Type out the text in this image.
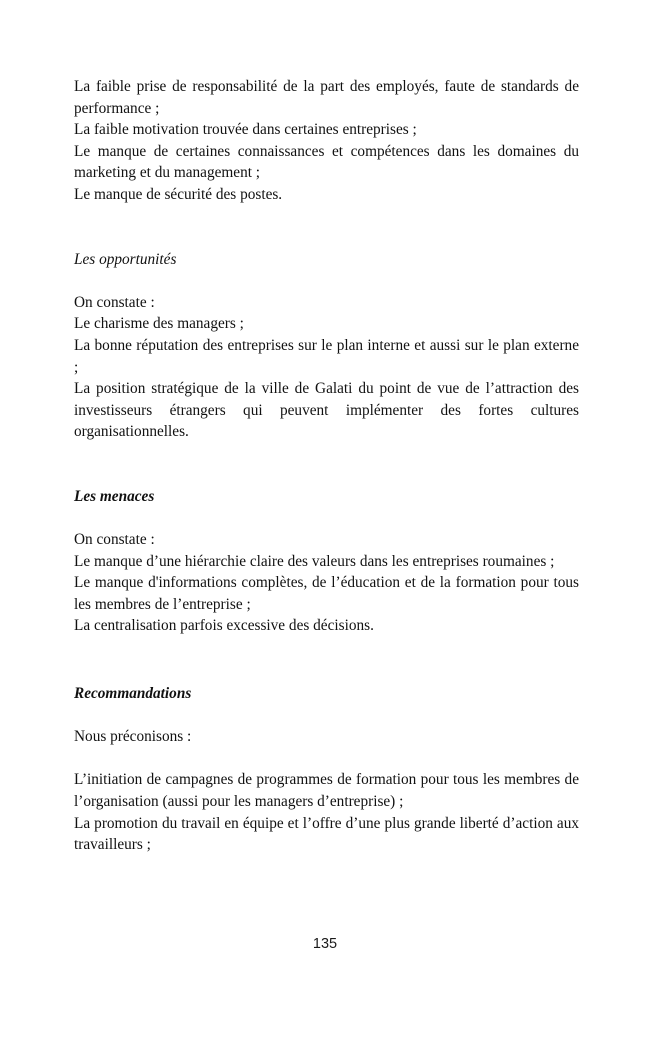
La faible prise de responsabilité de la part des employés, faute de standards de performance ;

La faible motivation trouvée dans certaines entreprises ;

Le manque de certaines connaissances et compétences dans les domaines du marketing et du management ;

Le manque de sécurité des postes.

Les opportunités

On constate :

Le charisme des managers ;

La bonne réputation des entreprises sur le plan interne et aussi sur le plan externe ;

La position stratégique de la ville de Galati du point de vue de l’attraction des investisseurs étrangers qui peuvent implémenter des fortes cultures organisationnelles.

Les menaces

On constate :

Le manque d’une hiérarchie claire des valeurs dans les entreprises roumaines ;

Le manque d'informations complètes, de l’éducation et de la formation pour tous les membres de l’entreprise ;

La centralisation parfois excessive des décisions.

Recommandations

Nous préconisons :

L’initiation de campagnes de programmes de formation pour tous les membres de l’organisation (aussi pour les managers d’entreprise) ;

La promotion du travail en équipe et l’offre d’une plus grande liberté d’action aux travailleurs ;

135
